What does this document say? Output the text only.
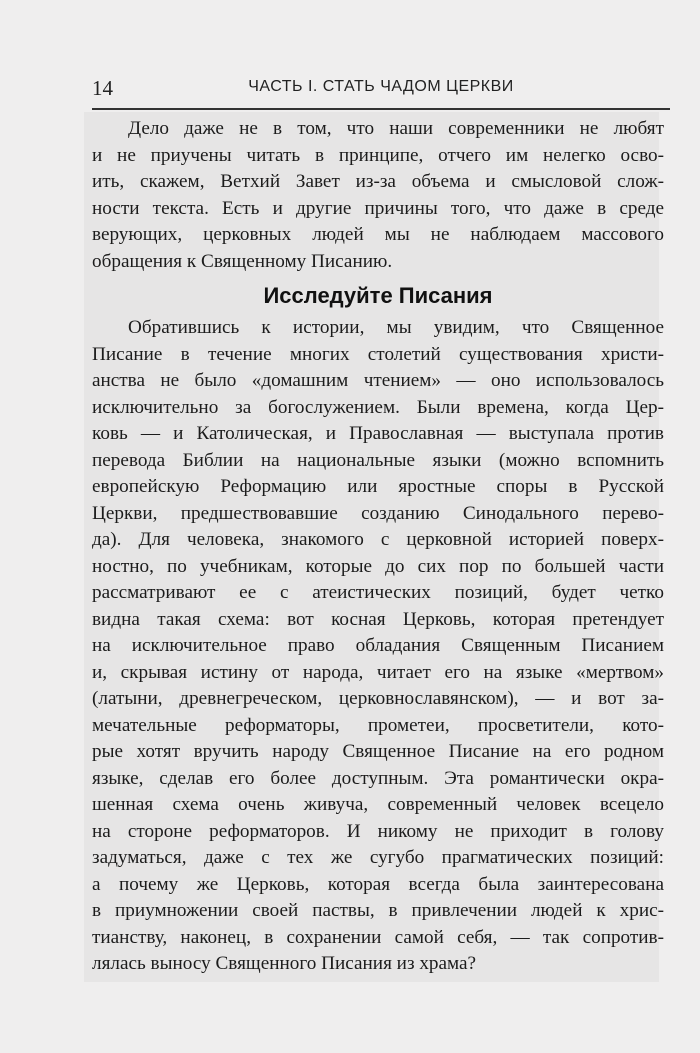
14	ЧАСТЬ I. СТАТЬ ЧАДОМ ЦЕРКВИ
Дело даже не в том, что наши современники не любят
и не приучены читать в принципе, отчего им нелегко осво-
ить, скажем, Ветхий Завет из-за объема и смысловой слож-
ности текста. Есть и другие причины того, что даже в среде
верующих, церковных людей мы не наблюдаем массового
обращения к Священному Писанию.
Исследуйте Писания
Обратившись к истории, мы увидим, что Священное
Писание в течение многих столетий существования христи-
анства не было «домашним чтением» — оно использовалось
исключительно за богослужением. Были времена, когда Цер-
ковь — и Католическая, и Православная — выступала против
перевода Библии на национальные языки (можно вспомнить
европейскую Реформацию или яростные споры в Русской
Церкви, предшествовавшие созданию Синодального перево-
да). Для человека, знакомого с церковной историей поверх-
ностно, по учебникам, которые до сих пор по большей части
рассматривают ее с атеистических позиций, будет четко
видна такая схема: вот косная Церковь, которая претендует
на исключительное право обладания Священным Писанием
и, скрывая истину от народа, читает его на языке «мертвом»
(латыни, древнегреческом, церковнославянском), — и вот за-
мечательные реформаторы, прометеи, просветители, кото-
рые хотят вручить народу Священное Писание на его родном
языке, сделав его более доступным. Эта романтически окра-
шенная схема очень живуча, современный человек всецело
на стороне реформаторов. И никому не приходит в голову
задуматься, даже с тех же сугубо прагматических позиций:
а почему же Церковь, которая всегда была заинтересована
в приумножении своей паствы, в привлечении людей к хрис-
тианству, наконец, в сохранении самой себя, — так сопротив-
лялась выносу Священного Писания из храма?
